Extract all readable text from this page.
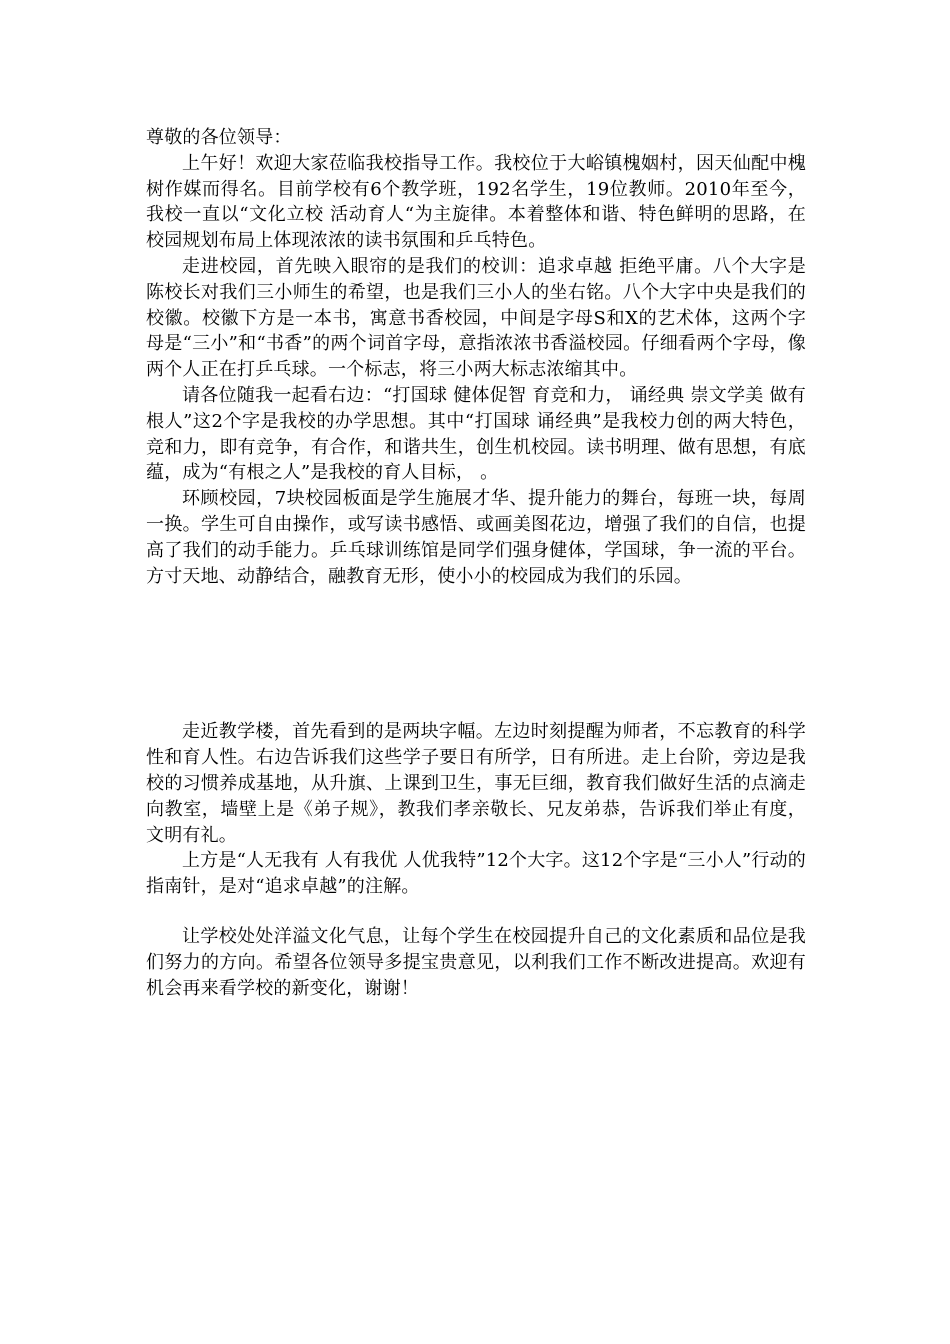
尊敬的各位领导：

上午好！欢迎大家莅临我校指导工作。我校位于大峪镇槐姻村，因天仙配中槐树作媒而得名。目前学校有6个教学班，192名学生，19位教师。2010年至今，我校一直以“文化立校 活动育人“为主旋律。本着整体和谐、特色鲜明的思路，在校园规划布局上体现浓浓的读书氛围和乒乓特色。

走进校园，首先映入眼帘的是我们的校训：追求卓越 拒绝平庸。八个大字是陈校长对我们三小师生的希望，也是我们三小人的坐右铭。八个大字中央是我们的校徽。校徽下方是一本书，寓意书香校园，中间是字母S和X的艺术体，这两个字母是“三小”和“书香”的两个词首字母，意指浓浓书香溢校园。仔细看两个字母，像两个人正在打乒乓球。一个标志，将三小两大标志浓缩其中。

请各位随我一起看右边：“打国球 健体促智 育竞和力， 诵经典 崇文学美 做有根人”这2个字是我校的办学思想。其中“打国球 诵经典”是我校力创的两大特色，竞和力，即有竞争，有合作，和谐共生，创生机校园。读书明理、做有思想，有底蕴，成为“有根之人”是我校的育人目标， 。

环顾校园，7块校园板面是学生施展才华、提升能力的舞台，每班一块，每周一换。学生可自由操作，或写读书感悟、或画美图花边，增强了我们的自信，也提高了我们的动手能力。乒乓球训练馆是同学们强身健体，学国球，争一流的平台。方寸天地、动静结合，融教育无形，使小小的校园成为我们的乐园。

走近教学楼，首先看到的是两块字幅。左边时刻提醒为师者，不忘教育的科学性和育人性。右边告诉我们这些学子要日有所学，日有所进。走上台阶，旁边是我校的习惯养成基地，从升旗、上课到卫生，事无巨细，教育我们做好生活的点滴走向教室，墙壁上是《弟子规》，教我们孝亲敬长、兄友弟恭，告诉我们举止有度，文明有礼。

上方是“人无我有 人有我优 人优我特”12个大字。这12个字是“三小人”行动的指南针，是对“追求卓越”的注解。

让学校处处洋溢文化气息，让每个学生在校园提升自己的文化素质和品位是我们努力的方向。希望各位领导多提宝贵意见，以利我们工作不断改进提高。欢迎有机会再来看学校的新变化，谢谢！
